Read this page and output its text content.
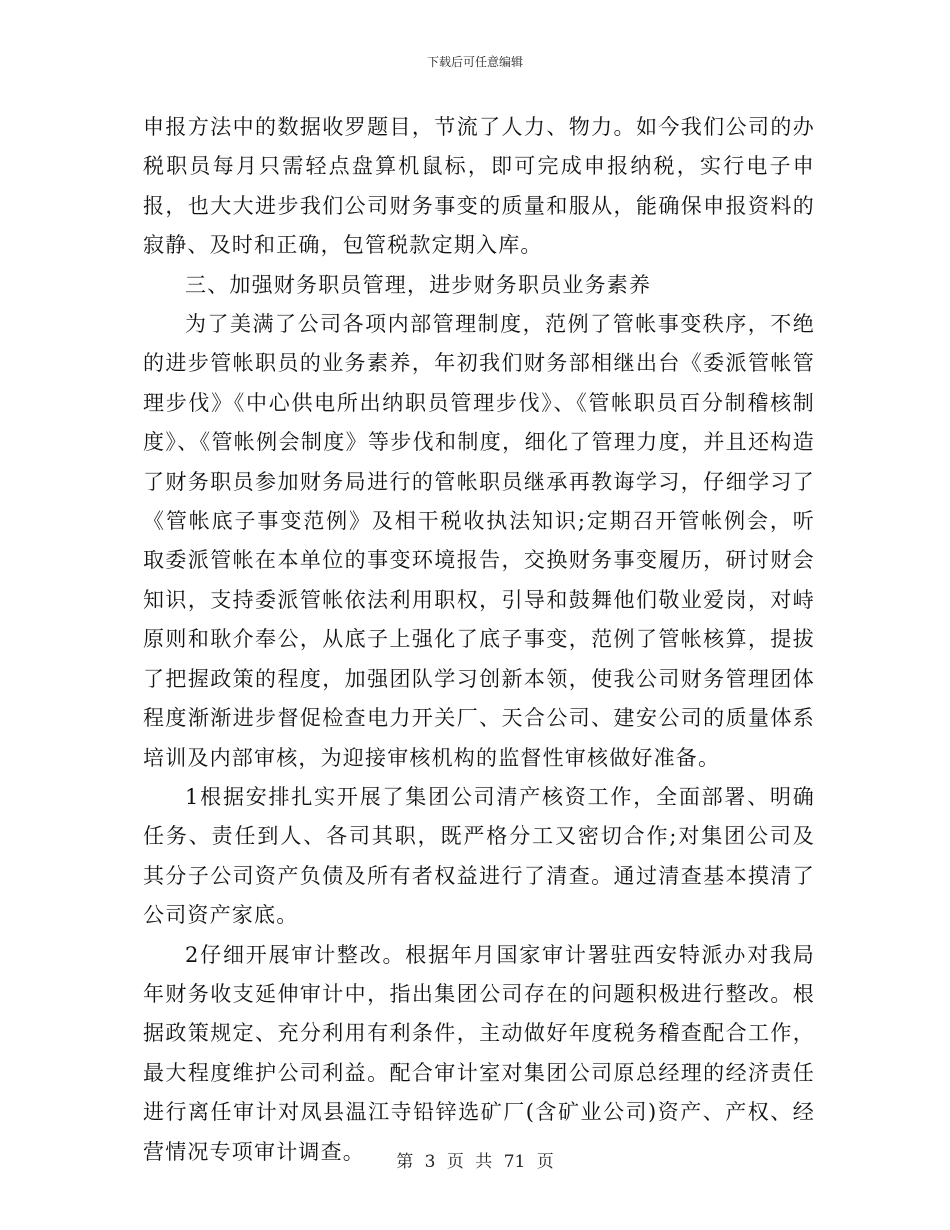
下载后可任意编辑

申报方法中的数据收罗题目，节流了人力、物力。如今我们公司的办税职员每月只需轻点盘算机鼠标，即可完成申报纳税，实行电子申报，也大大进步我们公司财务事变的质量和服从，能确保申报资料的寂静、及时和正确，包管税款定期入库。

三、加强财务职员管理，进步财务职员业务素养

为了美满了公司各项内部管理制度，范例了管帐事变秩序，不绝的进步管帐职员的业务素养，年初我们财务部相继出台《委派管帐管理步伐》《中心供电所出纳职员管理步伐》、《管帐职员百分制稽核制度》、《管帐例会制度》等步伐和制度，细化了管理力度，并且还构造了财务职员参加财务局进行的管帐职员继承再教诲学习，仔细学习了《管帐底子事变范例》及相干税收执法知识;定期召开管帐例会，听取委派管帐在本单位的事变环境报告，交换财务事变履历，研讨财会知识，支持委派管帐依法利用职权，引导和鼓舞他们敬业爱岗，对峙原则和耿介奉公，从底子上强化了底子事变，范例了管帐核算，提拔了把握政策的程度，加强团队学习创新本领，使我公司财务管理团体程度渐渐进步督促检查电力开关厂、天合公司、建安公司的质量体系培训及内部审核，为迎接审核机构的监督性审核做好准备。

1根据安排扎实开展了集团公司清产核资工作，全面部署、明确任务、责任到人、各司其职，既严格分工又密切合作;对集团公司及其分子公司资产负债及所有者权益进行了清查。通过清查基本摸清了公司资产家底。

2仔细开展审计整改。根据年月国家审计署驻西安特派办对我局年财务收支延伸审计中，指出集团公司存在的问题积极进行整改。根据政策规定、充分利用有利条件，主动做好年度税务稽查配合工作，最大程度维护公司利益。配合审计室对集团公司原总经理的经济责任进行离任审计对凤县温江寺铅锌选矿厂(含矿业公司)资产、产权、经营情况专项审计调查。	第 3 页 共 71 页
